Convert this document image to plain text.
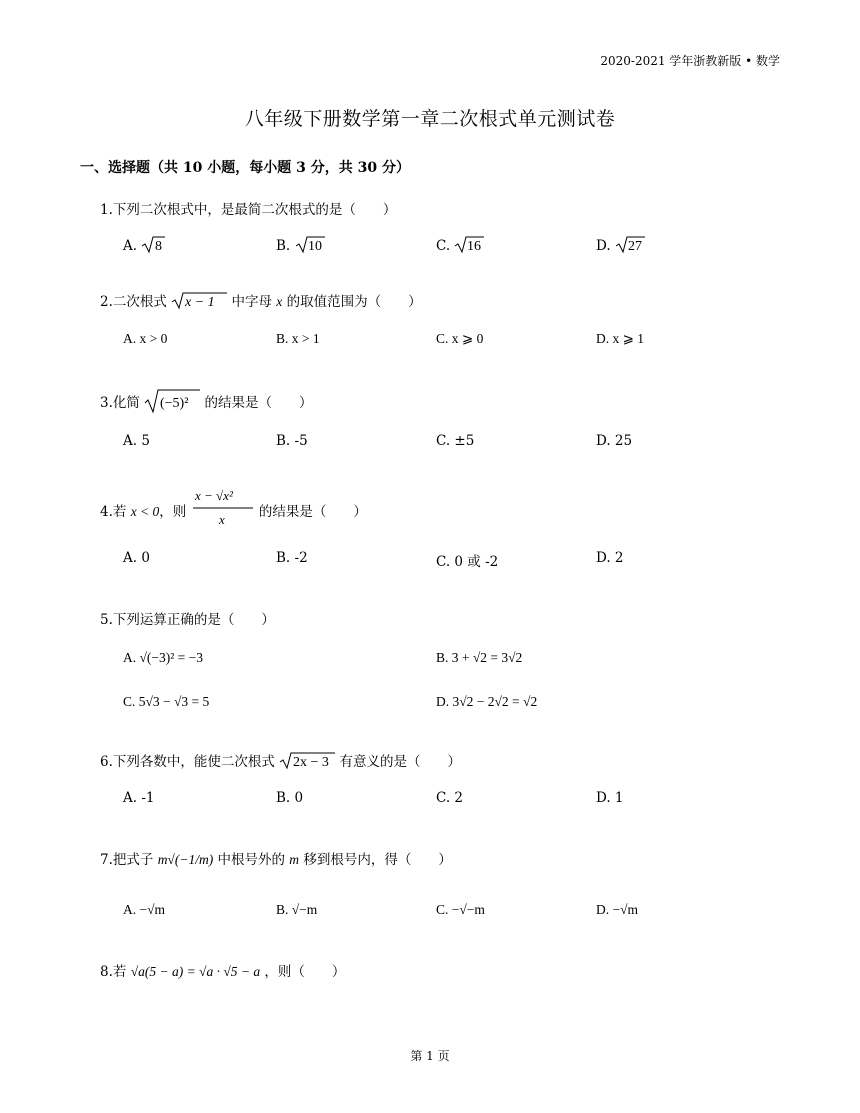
2020-2021 学年浙教新版 • 数学
八年级下册数学第一章二次根式单元测试卷
一、选择题（共 10 小题，每小题 3 分，共 30 分）
1.下列二次根式中，是最简二次根式的是（　　）
A. 8	B. 10	C. 16	D. 27
2.二次根式 x − 1 中字母 x 的取值范围为（　　）
A. x > 0	B. x > 1	C. x ⩾ 0	D. x ⩾ 1
3.化简 (−5)² 的结果是（　　）
A. 5	B. -5	C. ±5	D. 25
4.若 x < 0，则
x − √x²
x	的结果是（　　）
A. 0	B. -2	C. 0 或 -2	D. 2
5.下列运算正确的是（　　）
A. √(−3)² = −3	B. 3 + √2 = 3√2
C. 5√3 − √3 = 5	D. 3√2 − 2√2 = √2
6.下列各数中，能使二次根式 2x − 3 有意义的是（　　）
A. -1	B. 0	C. 2	D. 1
7.把式子 m√(−1/m) 中根号外的 m 移到根号内，得（　　）
A. −√m	B. √−m	C. −√−m	D. −√m
8.若 √a(5 − a) = √a · √5 − a ，则（　　）
第 1 页
